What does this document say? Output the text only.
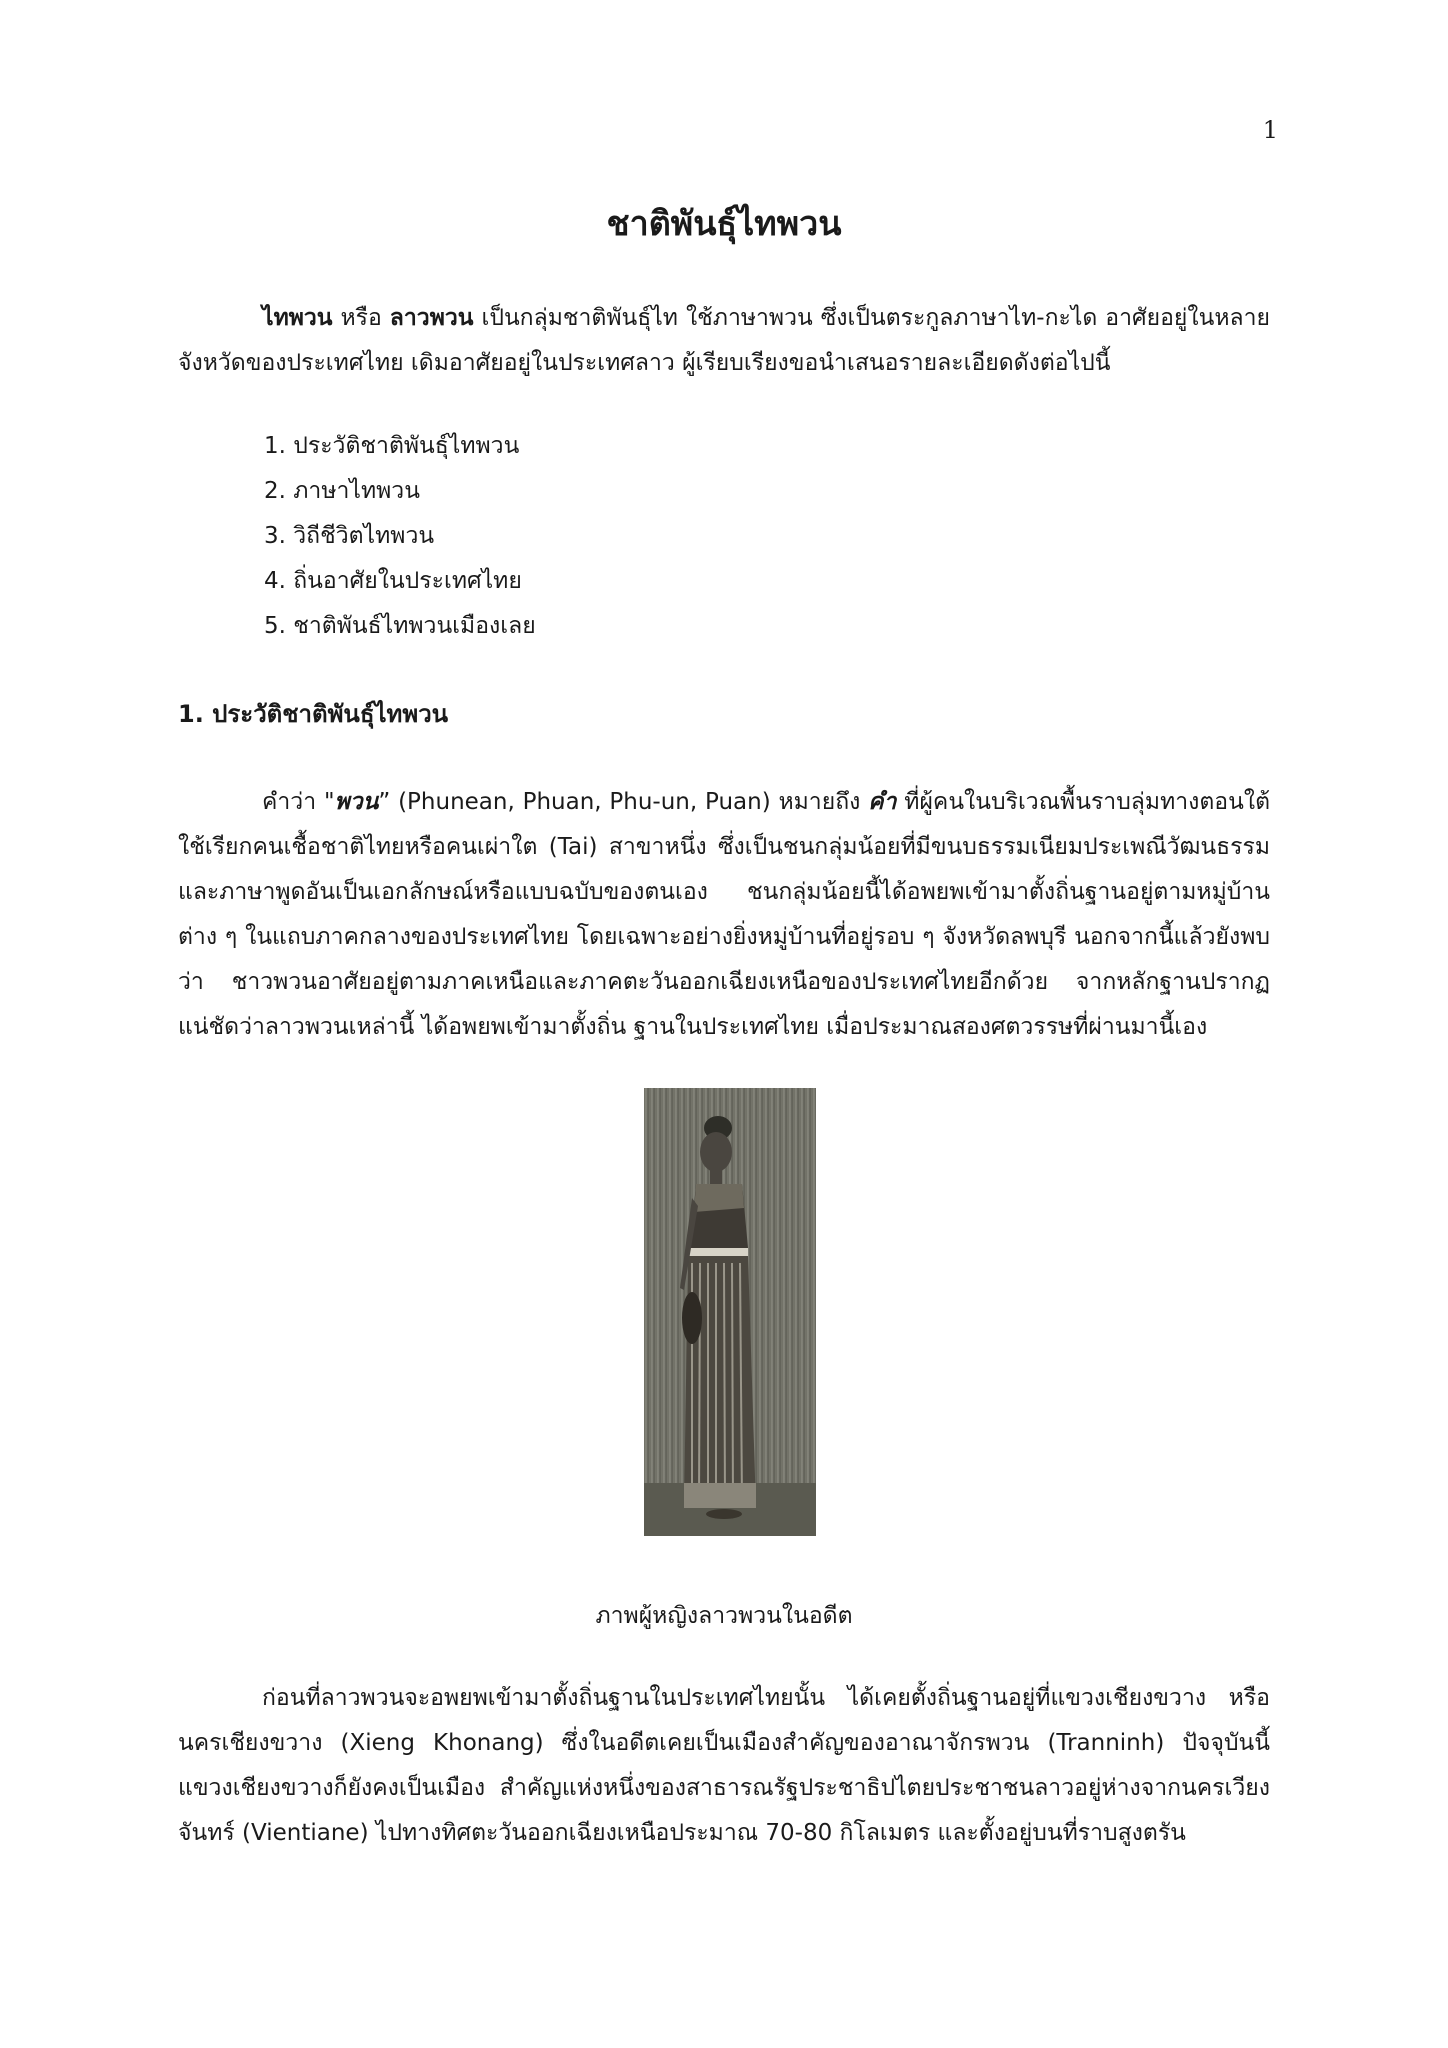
1
ชาติพันธุ์ไทพวน

ไทพวน หรือ ลาวพวน เป็นกลุ่มชาติพันธุ์ไท ใช้ภาษาพวน ซึ่งเป็นตระกูลภาษาไท-กะได อาศัยอยู่ในหลายจังหวัดของประเทศไทย เดิมอาศัยอยู่ในประเทศลาว ผู้เรียบเรียงขอนำเสนอรายละเอียดดังต่อไปนี้

1. ประวัติชาติพันธุ์ไทพวน
2. ภาษาไทพวน
3. วิถีชีวิตไทพวน
4. ถิ่นอาศัยในประเทศไทย
5. ชาติพันธ์ไทพวนเมืองเลย
1. ประวัติชาติพันธุ์ไทพวน

คำว่า "พวน” (Phunean, Phuan, Phu-un, Puan) หมายถึง คำ ที่ผู้คนในบริเวณพื้นราบลุ่มทางตอนใต้ใช้เรียกคนเชื้อชาติไทยหรือคนเผ่าใต (Tai) สาขาหนึ่ง ซึ่งเป็นชนกลุ่มน้อยที่มีขนบธรรมเนียมประเพณีวัฒนธรรมและภาษาพูดอันเป็นเอกลักษณ์หรือแบบฉบับของตนเอง ชนกลุ่มน้อยนี้ได้อพยพเข้ามาตั้งถิ่นฐานอยู่ตามหมู่บ้านต่าง ๆ ในแถบภาคกลางของประเทศไทย โดยเฉพาะอย่างยิ่งหมู่บ้านที่อยู่รอบ ๆ จังหวัดลพบุรี นอกจากนี้แล้วยังพบว่า ชาวพวนอาศัยอยู่ตามภาคเหนือและภาคตะวันออกเฉียงเหนือของประเทศไทยอีกด้วย จากหลักฐานปรากฏแน่ชัดว่าลาวพวนเหล่านี้ ได้อพยพเข้ามาตั้งถิ่น ฐานในประเทศไทย เมื่อประมาณสองศตวรรษที่ผ่านมานี้เอง

ภาพผู้หญิงลาวพวนในอดีต

ก่อนที่ลาวพวนจะอพยพเข้ามาตั้งถิ่นฐานในประเทศไทยนั้น ได้เคยตั้งถิ่นฐานอยู่ที่แขวงเชียงขวาง หรือนครเชียงขวาง (Xieng Khonang) ซึ่งในอดีตเคยเป็นเมืองสำคัญของอาณาจักรพวน (Tranninh) ปัจจุบันนี้แขวงเชียงขวางก็ยังคงเป็นเมือง สำคัญแห่งหนึ่งของสาธารณรัฐประชาธิปไตยประชาชนลาวอยู่ห่างจากนครเวียงจันทร์ (Vientiane) ไปทางทิศตะวันออกเฉียงเหนือประมาณ 70-80 กิโลเมตร และตั้งอยู่บนที่ราบสูงตรัน
